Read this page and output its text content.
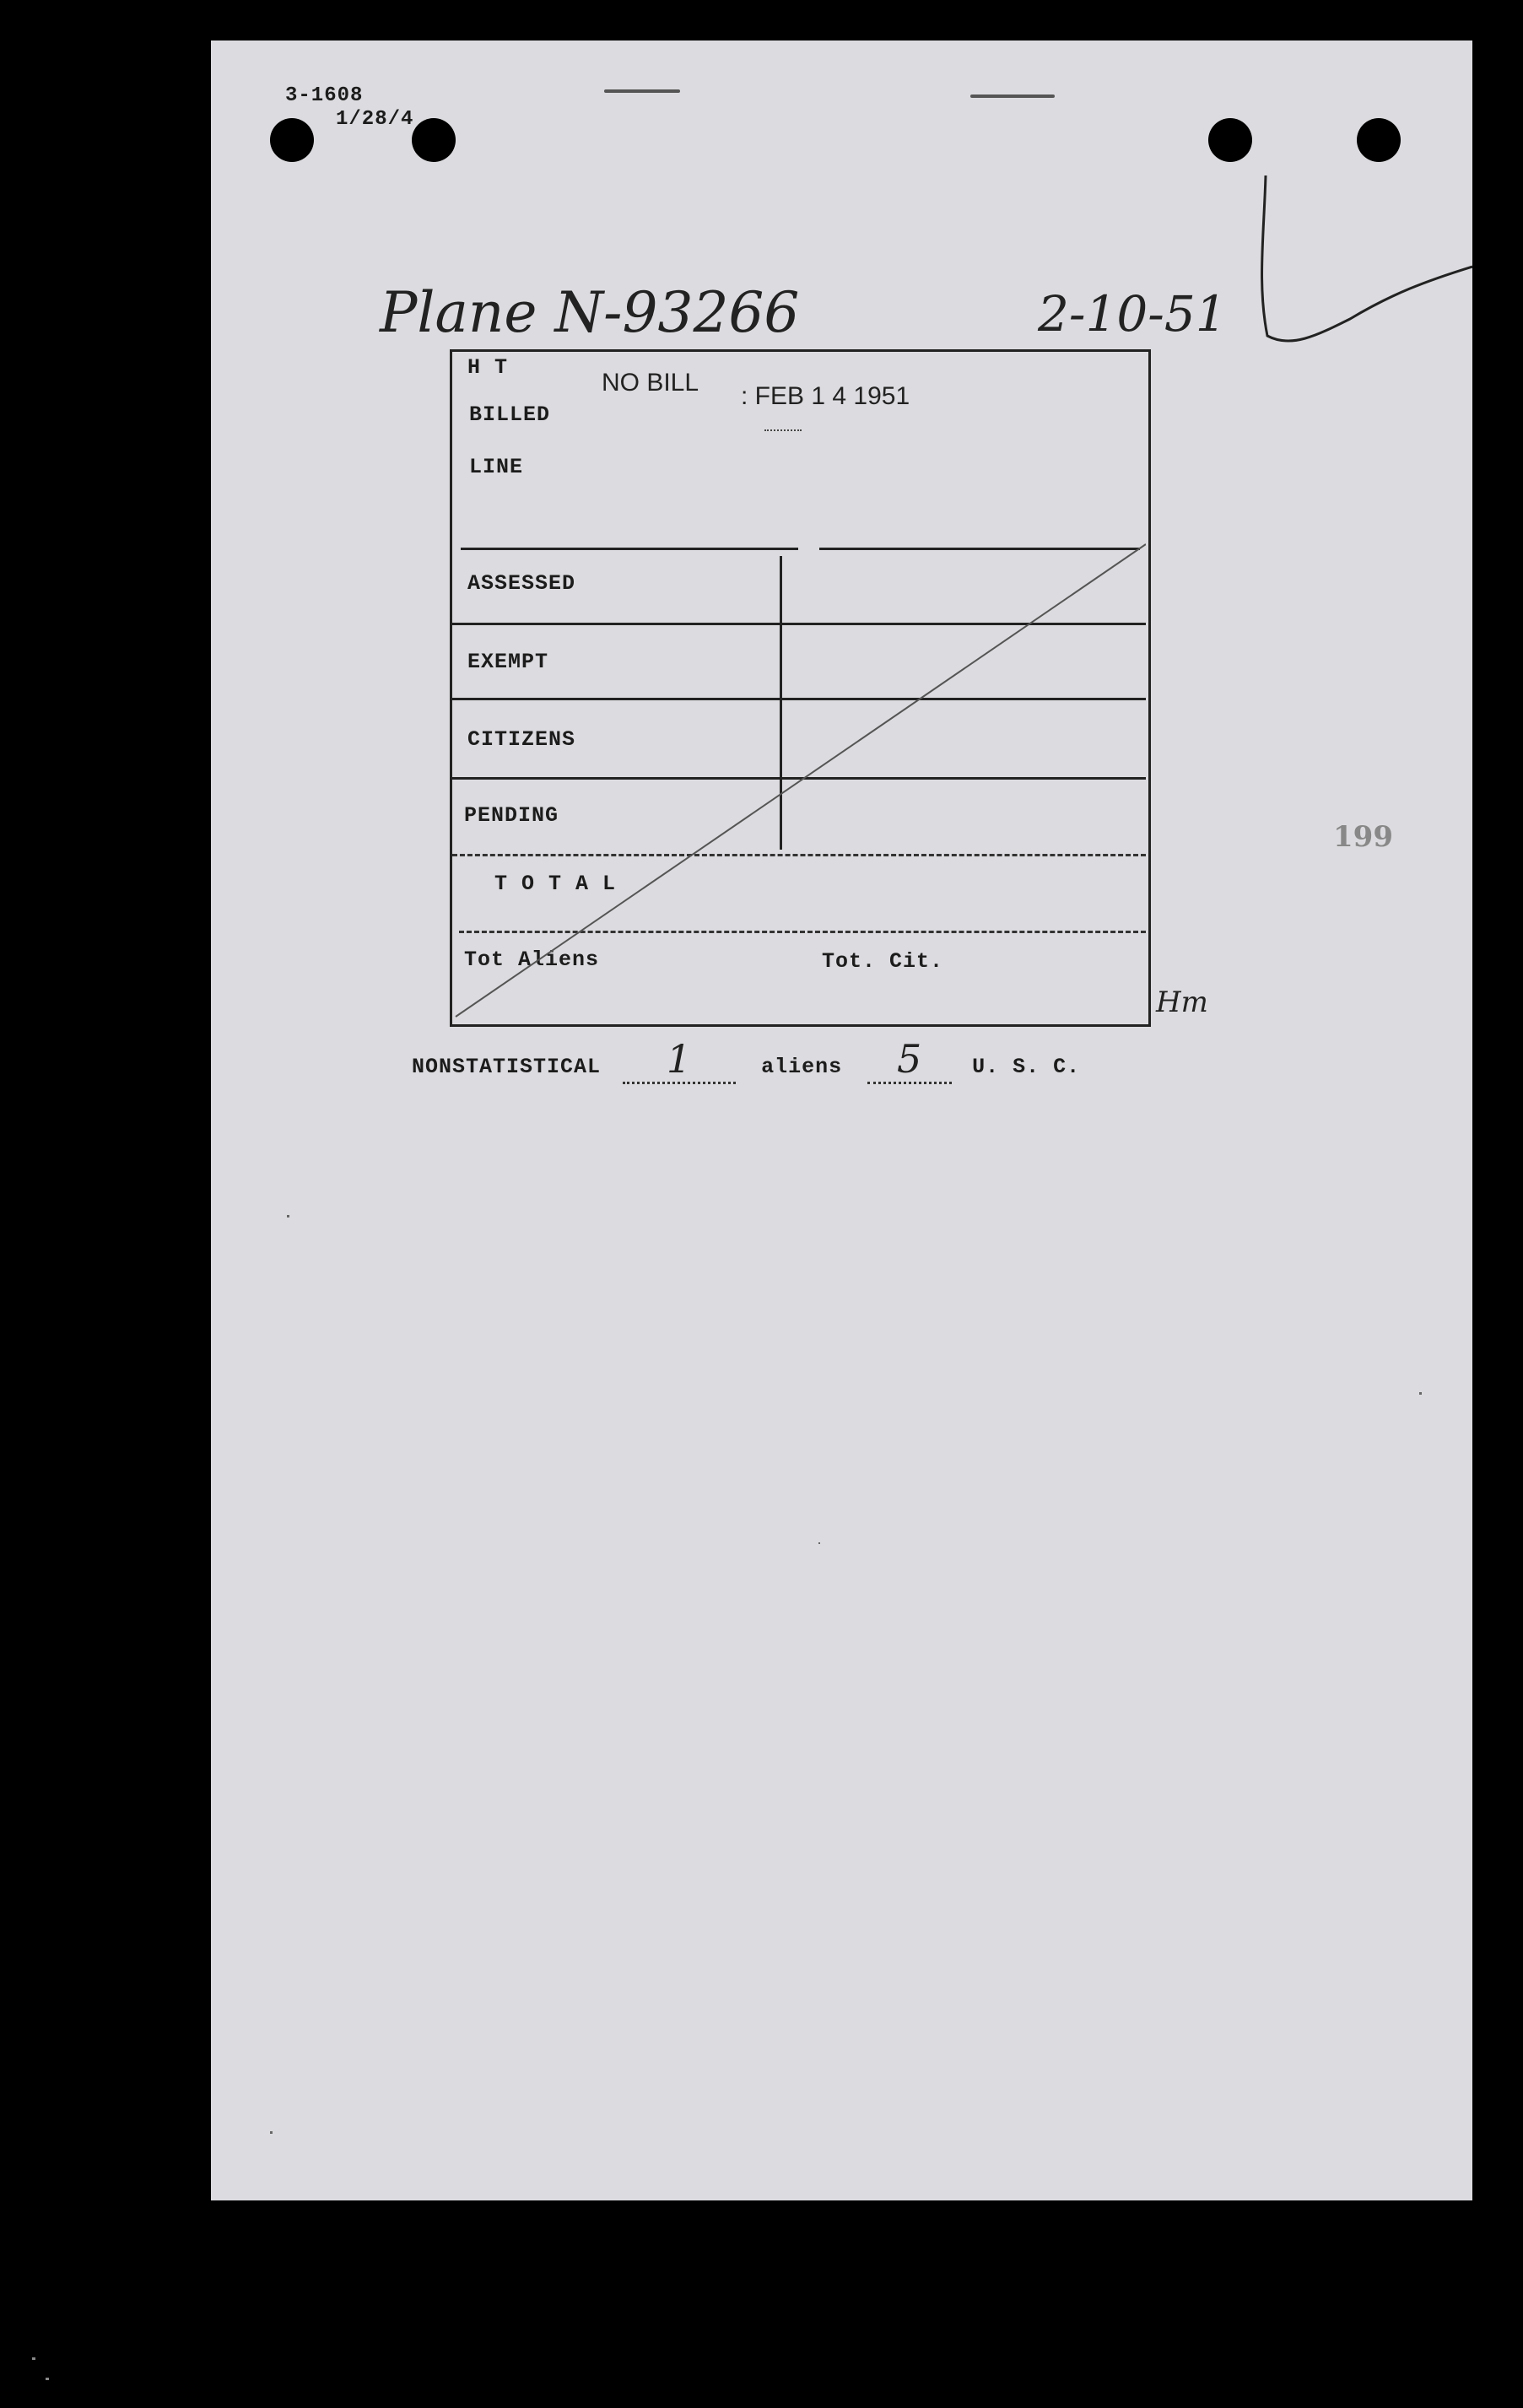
3-1608
1/28/4
Plane N-93266	2-10-51
199
H T
BILLED
LINE
NO BILL : FEB 1 4 1951
ASSESSED
EXEMPT
CITIZENS
PENDING
T O T A L
Tot Aliens	Tot. Cit.
Hm
NONSTATISTICAL 1	aliens 5 U. S. C.
